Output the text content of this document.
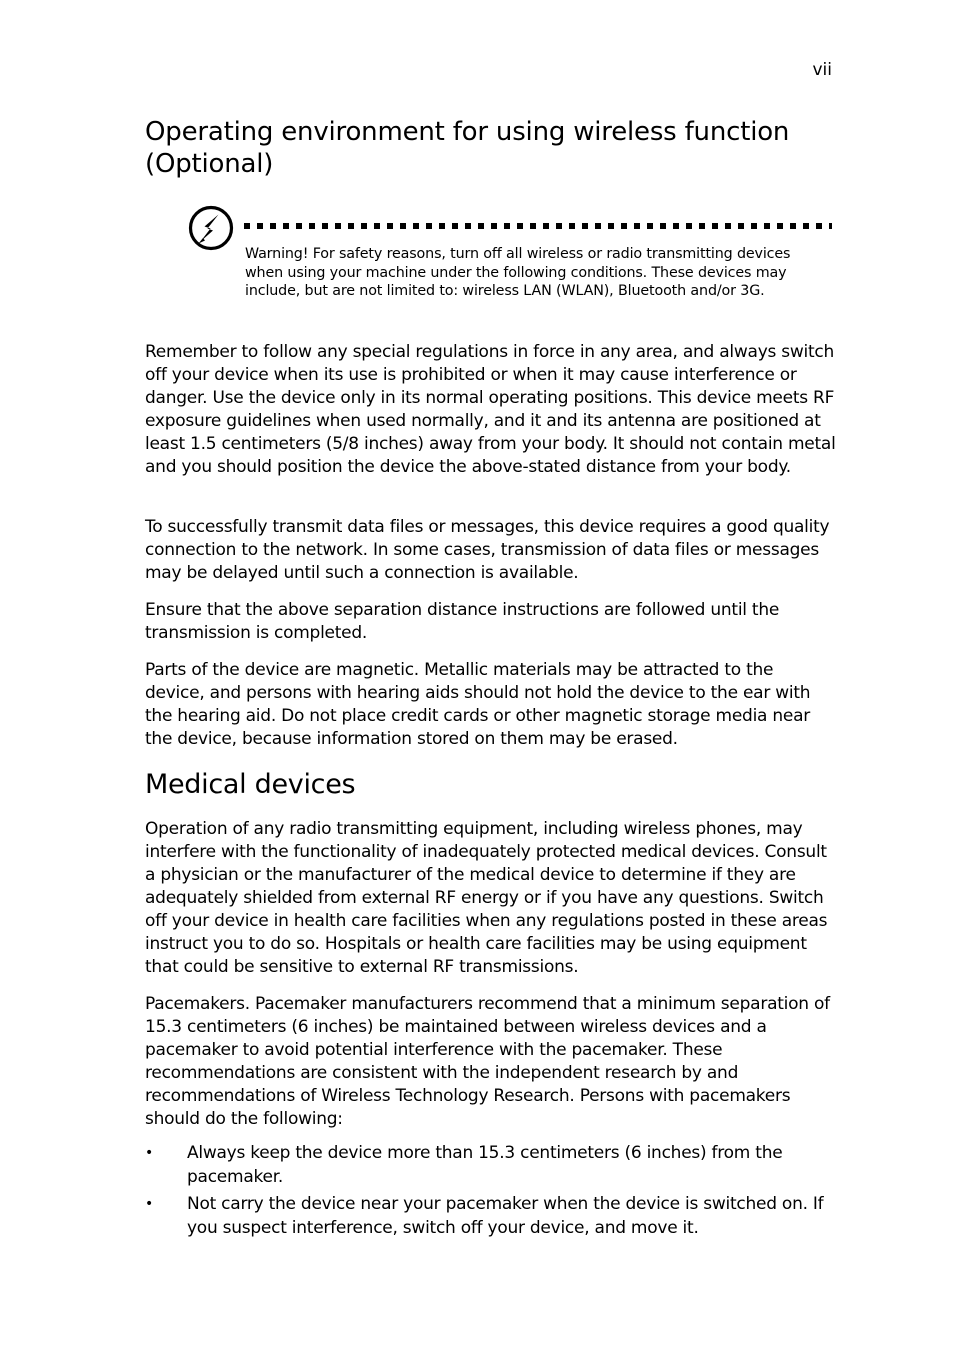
vii
Operating environment for using wireless function (Optional)

Warning! For safety reasons, turn off all wireless or radio transmitting devices when using your machine under the following conditions. These devices may include, but are not limited to: wireless LAN (WLAN), Bluetooth and/or 3G.

Remember to follow any special regulations in force in any area, and always switch off your device when its use is prohibited or when it may cause interference or danger. Use the device only in its normal operating positions. This device meets RF exposure guidelines when used normally, and it and its antenna are positioned at least 1.5 centimeters (5/8 inches) away from your body. It should not contain metal and you should position the device the above-stated distance from your body.

To successfully transmit data files or messages, this device requires a good quality connection to the network. In some cases, transmission of data files or messages may be delayed until such a connection is available.

Ensure that the above separation distance instructions are followed until the transmission is completed.

Parts of the device are magnetic. Metallic materials may be attracted to the device, and persons with hearing aids should not hold the device to the ear with the hearing aid. Do not place credit cards or other magnetic storage media near the device, because information stored on them may be erased.

Medical devices

Operation of any radio transmitting equipment, including wireless phones, may interfere with the functionality of inadequately protected medical devices. Consult a physician or the manufacturer of the medical device to determine if they are adequately shielded from external RF energy or if you have any questions. Switch off your device in health care facilities when any regulations posted in these areas instruct you to do so. Hospitals or health care facilities may be using equipment that could be sensitive to external RF transmissions.

Pacemakers. Pacemaker manufacturers recommend that a minimum separation of 15.3 centimeters (6 inches) be maintained between wireless devices and a pacemaker to avoid potential interference with the pacemaker. These recommendations are consistent with the independent research by and recommendations of Wireless Technology Research. Persons with pacemakers should do the following:

• Always keep the device more than 15.3 centimeters (6 inches) from the pacemaker.
• Not carry the device near your pacemaker when the device is switched on. If you suspect interference, switch off your device, and move it.
